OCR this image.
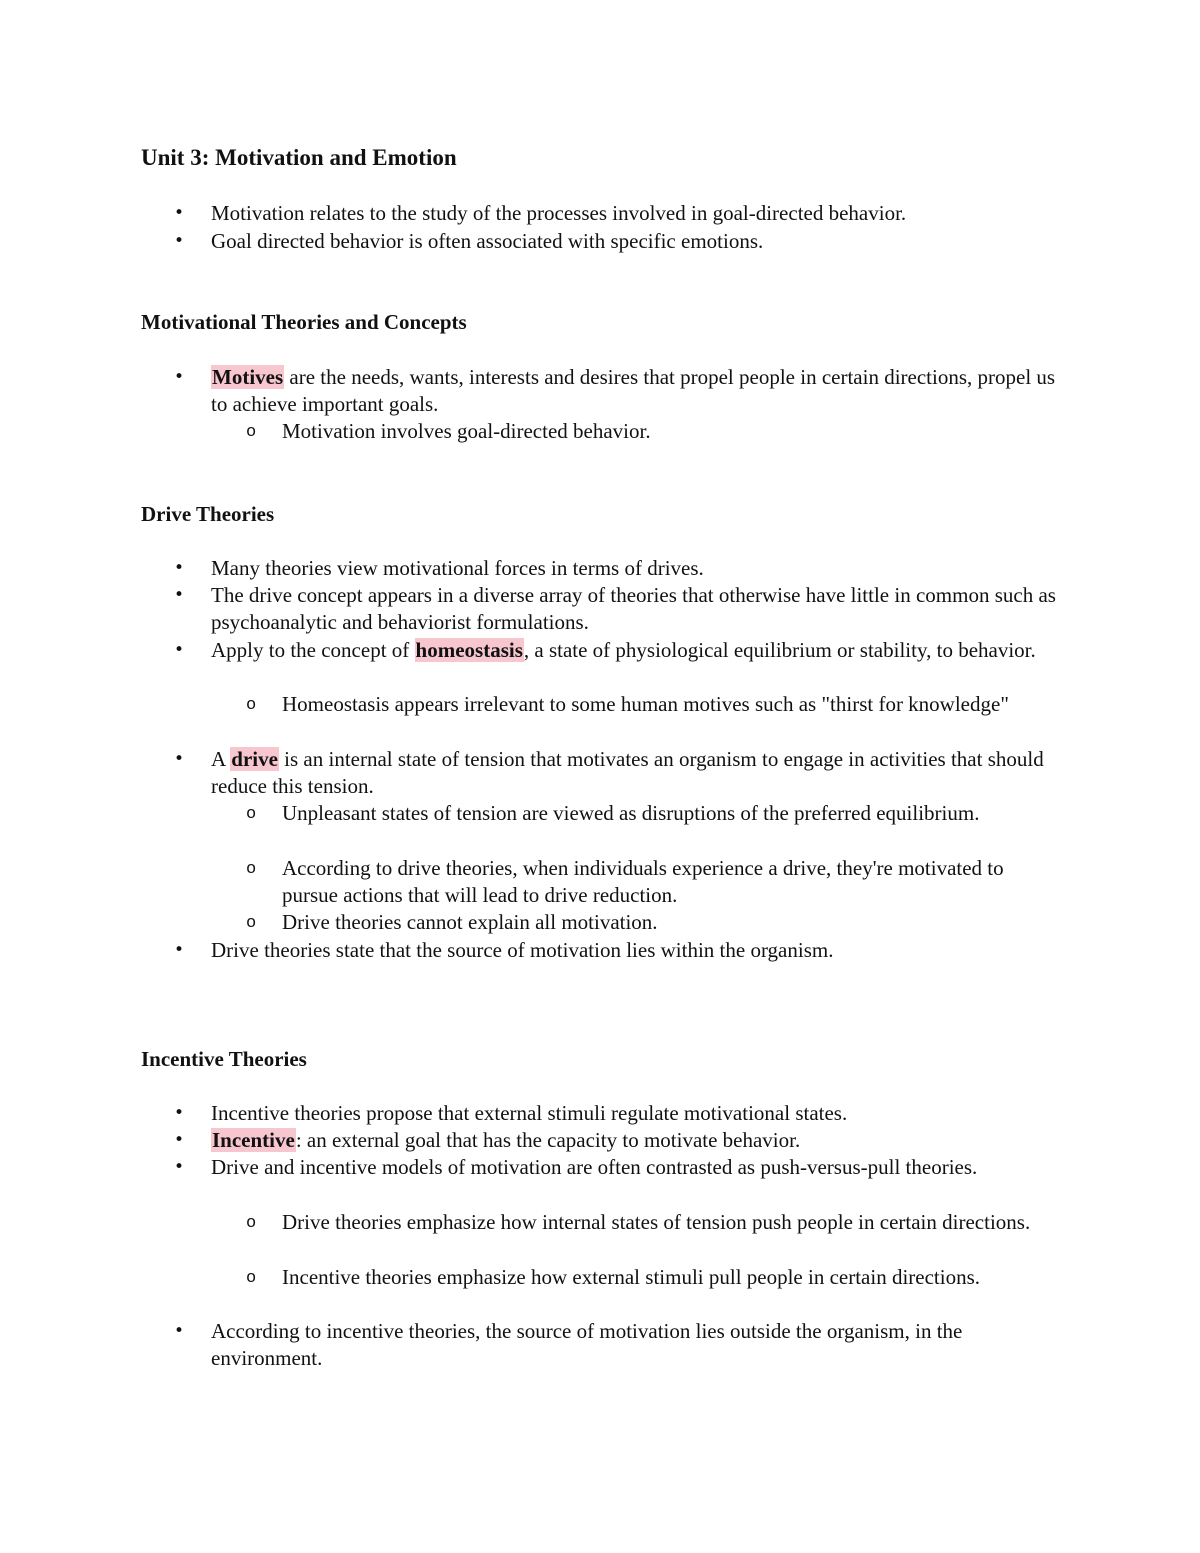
Unit 3: Motivation and Emotion

• Motivation relates to the study of the processes involved in goal-directed behavior.

• Goal directed behavior is often associated with specific emotions.

Motivational Theories and Concepts

• Motives are the needs, wants, interests and desires that propel people in certain directions, propel us to achieve important goals.

o Motivation involves goal-directed behavior.

Drive Theories

• Many theories view motivational forces in terms of drives.

• The drive concept appears in a diverse array of theories that otherwise have little in common such as psychoanalytic and behaviorist formulations.

• Apply to the concept of homeostasis, a state of physiological equilibrium or stability, to behavior.

o Homeostasis appears irrelevant to some human motives such as "thirst for knowledge"

• A drive is an internal state of tension that motivates an organism to engage in activities that should reduce this tension.

o Unpleasant states of tension are viewed as disruptions of the preferred equilibrium.

o According to drive theories, when individuals experience a drive, they're motivated to pursue actions that will lead to drive reduction.

o Drive theories cannot explain all motivation.

• Drive theories state that the source of motivation lies within the organism.

Incentive Theories

• Incentive theories propose that external stimuli regulate motivational states.

• Incentive: an external goal that has the capacity to motivate behavior.

• Drive and incentive models of motivation are often contrasted as push-versus-pull theories.

o Drive theories emphasize how internal states of tension push people in certain directions.

o Incentive theories emphasize how external stimuli pull people in certain directions.

• According to incentive theories, the source of motivation lies outside the organism, in the environment.
